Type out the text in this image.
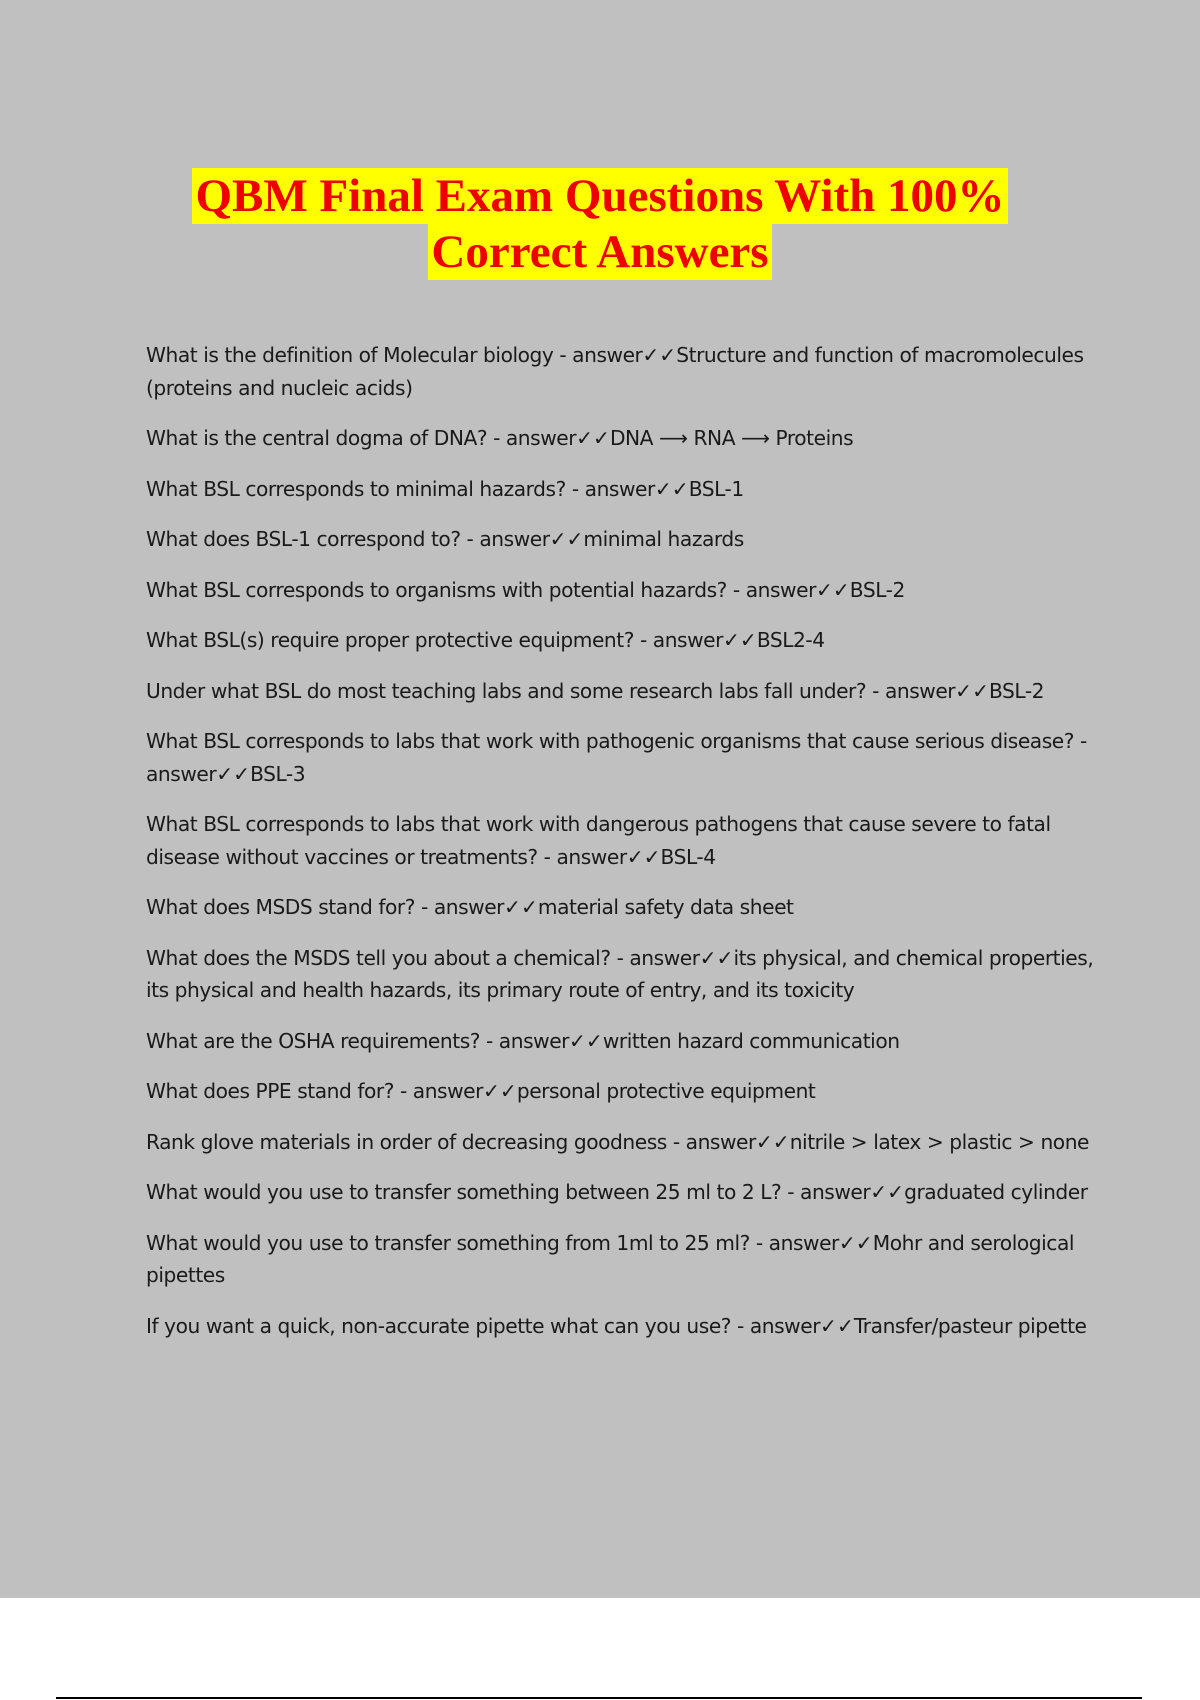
QBM Final Exam Questions With 100%
Correct Answers
What is the definition of Molecular biology - answer✓✓Structure and function of macromolecules (proteins and nucleic acids)
What is the central dogma of DNA? - answer✓✓DNA ⟶ RNA ⟶ Proteins
What BSL corresponds to minimal hazards? - answer✓✓BSL-1
What does BSL-1 correspond to? - answer✓✓minimal hazards
What BSL corresponds to organisms with potential hazards? - answer✓✓BSL-2
What BSL(s) require proper protective equipment? - answer✓✓BSL2-4
Under what BSL do most teaching labs and some research labs fall under? - answer✓✓BSL-2
What BSL corresponds to labs that work with pathogenic organisms that cause serious disease? - answer✓✓BSL-3
What BSL corresponds to labs that work with dangerous pathogens that cause severe to fatal disease without vaccines or treatments? - answer✓✓BSL-4
What does MSDS stand for? - answer✓✓material safety data sheet
What does the MSDS tell you about a chemical? - answer✓✓its physical, and chemical properties, its physical and health hazards, its primary route of entry, and its toxicity
What are the OSHA requirements? - answer✓✓written hazard communication
What does PPE stand for? - answer✓✓personal protective equipment
Rank glove materials in order of decreasing goodness - answer✓✓nitrile > latex > plastic > none
What would you use to transfer something between 25 ml to 2 L? - answer✓✓graduated cylinder
What would you use to transfer something from 1ml to 25 ml? - answer✓✓Mohr and serological pipettes
If you want a quick, non-accurate pipette what can you use? - answer✓✓Transfer/pasteur pipette
